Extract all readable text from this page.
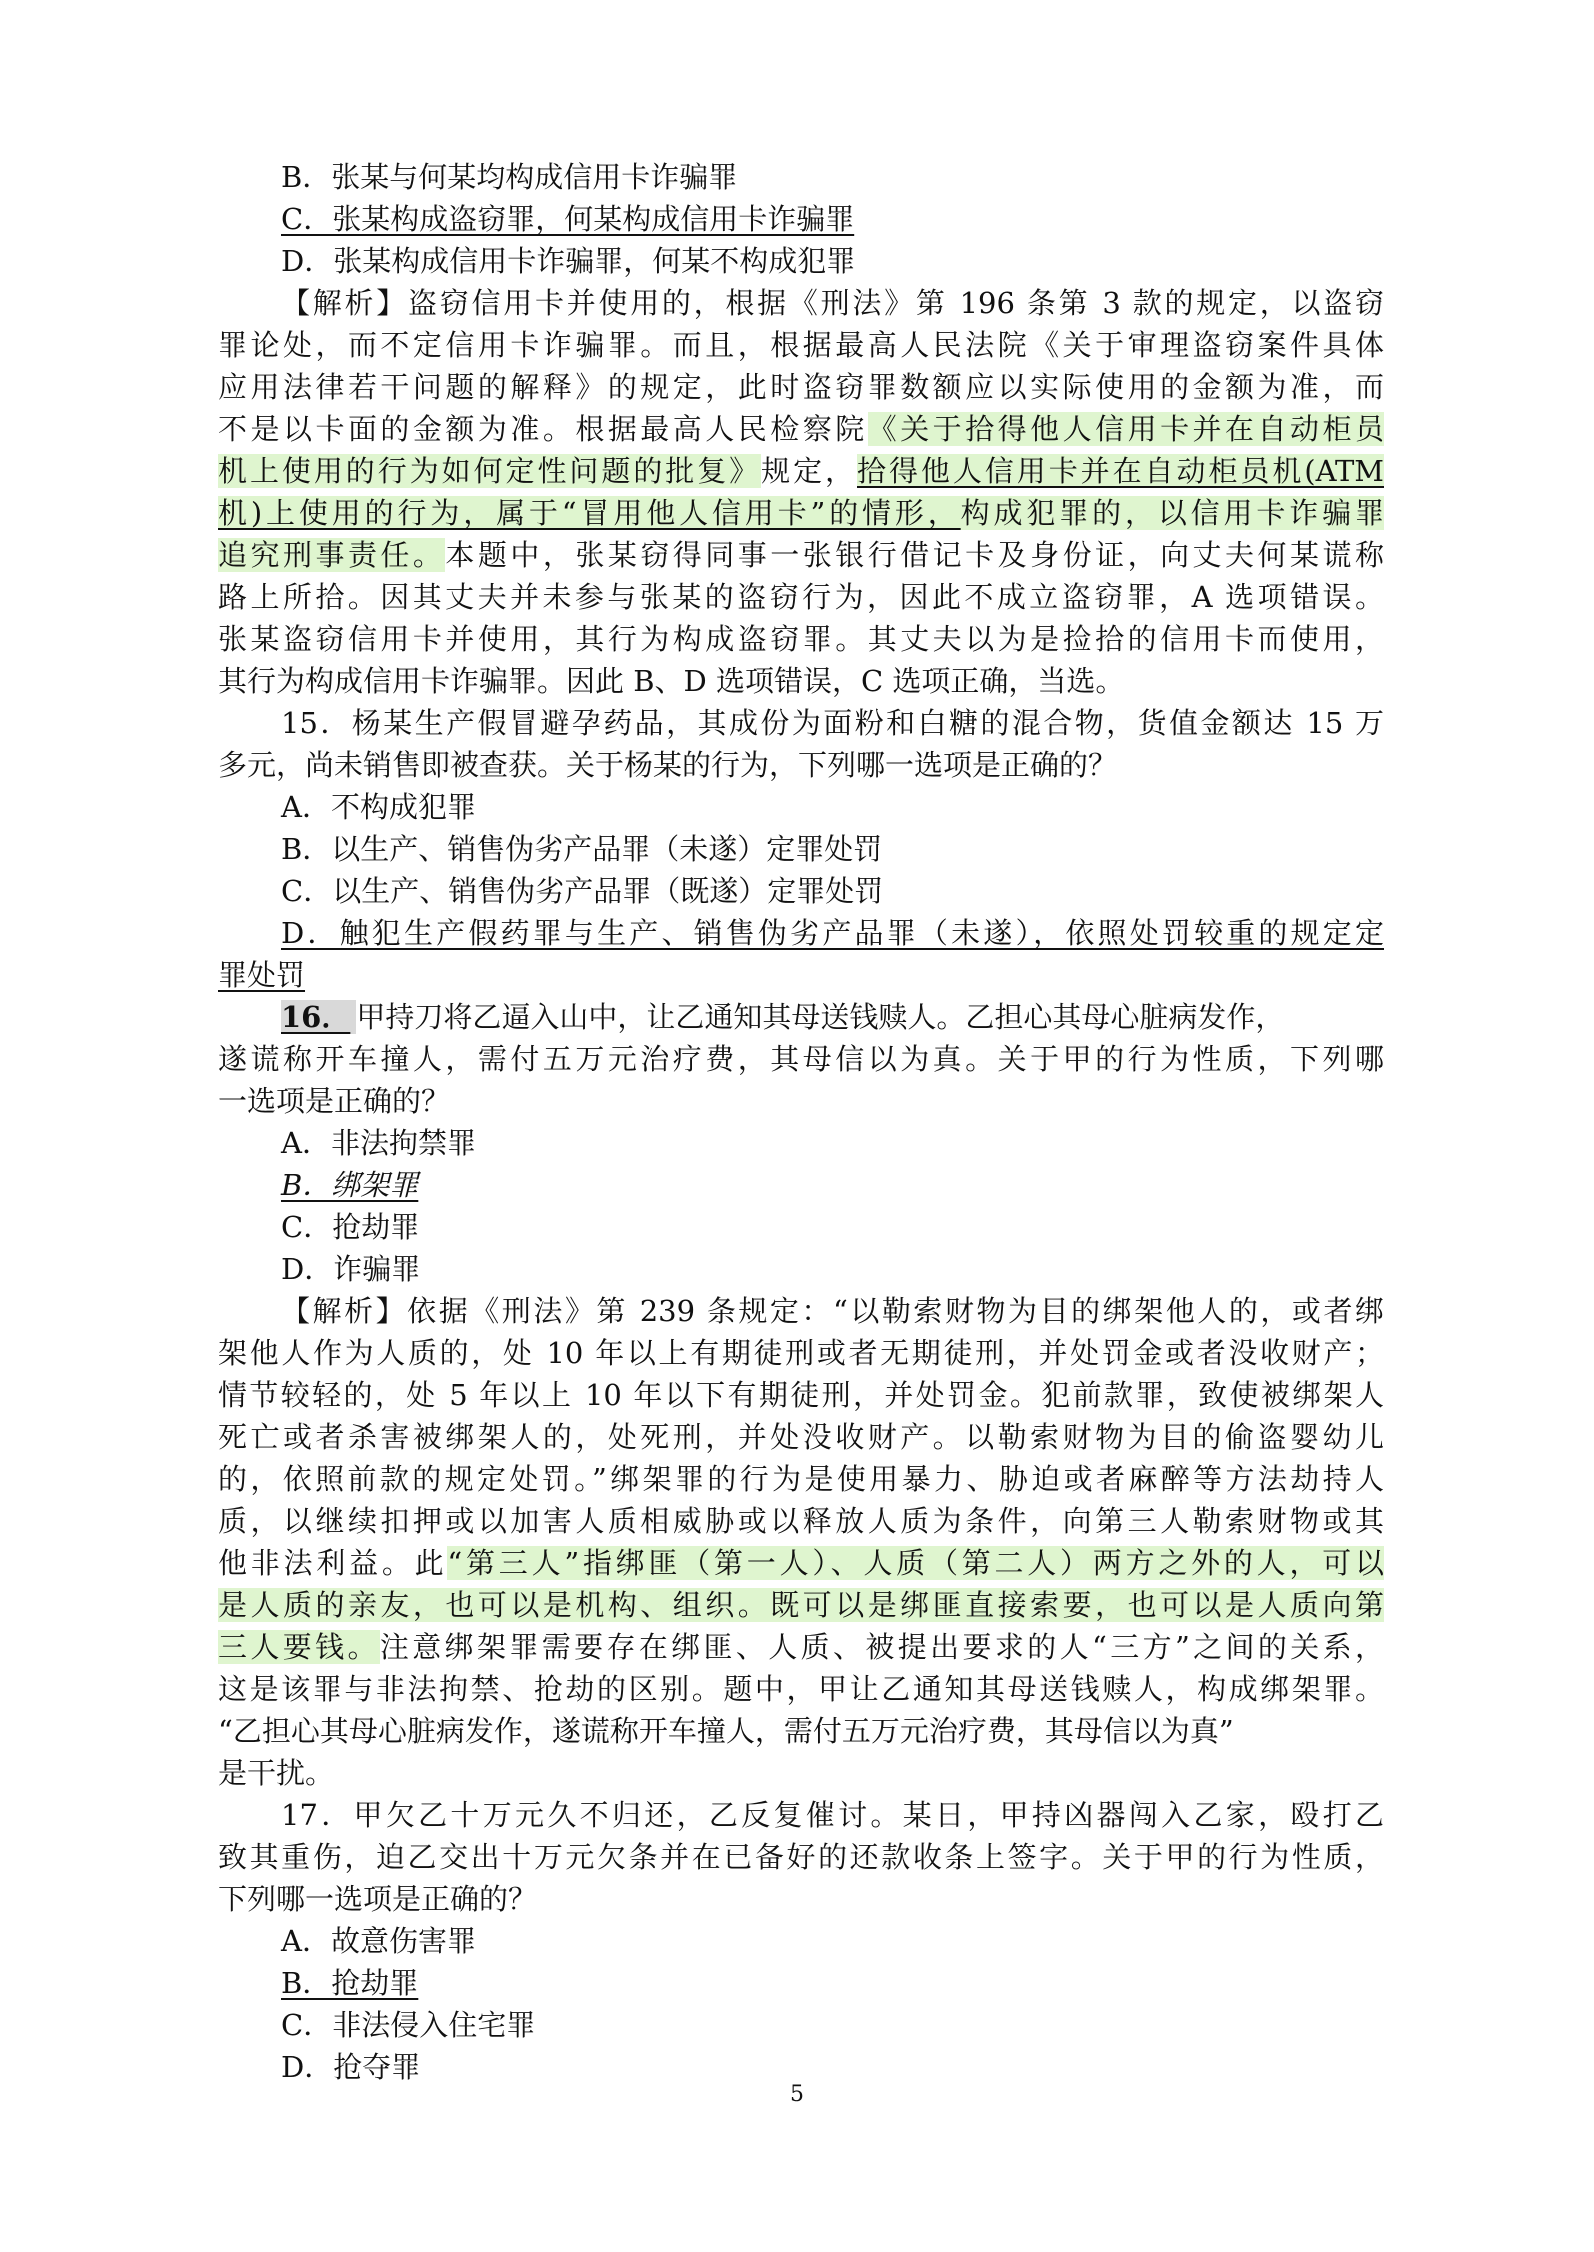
B．张某与何某均构成信用卡诈骗罪
C．张某构成盗窃罪，何某构成信用卡诈骗罪
D．张某构成信用卡诈骗罪，何某不构成犯罪
【解析】盗窃信用卡并使用的，根据《刑法》第 196 条第 3 款的规定，以盗窃
罪论处，而不定信用卡诈骗罪。而且，根据最高人民法院《关于审理盗窃案件具体
应用法律若干问题的解释》的规定，此时盗窃罪数额应以实际使用的金额为准，而
不是以卡面的金额为准。根据最高人民检察院《关于拾得他人信用卡并在自动柜员
机上使用的行为如何定性问题的批复》规定，拾得他人信用卡并在自动柜员机(ATM
机)上使用的行为，属于“冒用他人信用卡”的情形，构成犯罪的，以信用卡诈骗罪
追究刑事责任。本题中，张某窃得同事一张银行借记卡及身份证，向丈夫何某谎称
路上所拾。因其丈夫并未参与张某的盗窃行为，因此不成立盗窃罪，A 选项错误。
张某盗窃信用卡并使用，其行为构成盗窃罪。其丈夫以为是捡拾的信用卡而使用，
其行为构成信用卡诈骗罪。因此 B、D 选项错误，C 选项正确，当选。
15．杨某生产假冒避孕药品，其成份为面粉和白糖的混合物，货值金额达 15 万
多元，尚未销售即被查获。关于杨某的行为，下列哪一选项是正确的？
A．不构成犯罪
B．以生产、销售伪劣产品罪（未遂）定罪处罚
C．以生产、销售伪劣产品罪（既遂）定罪处罚
D．触犯生产假药罪与生产、销售伪劣产品罪（未遂），依照处罚较重的规定定
罪处罚
16． 甲持刀将乙逼入山中，让乙通知其母送钱赎人。乙担心其母心脏病发作，
遂谎称开车撞人，需付五万元治疗费，其母信以为真。关于甲的行为性质，下列哪
一选项是正确的？
A．非法拘禁罪
B．绑架罪
C．抢劫罪
D．诈骗罪
【解析】依据《刑法》第 239 条规定：“以勒索财物为目的绑架他人的，或者绑
架他人作为人质的，处 10 年以上有期徒刑或者无期徒刑，并处罚金或者没收财产；
情节较轻的，处 5 年以上 10 年以下有期徒刑，并处罚金。犯前款罪，致使被绑架人
死亡或者杀害被绑架人的，处死刑，并处没收财产。以勒索财物为目的偷盗婴幼儿
的，依照前款的规定处罚。”绑架罪的行为是使用暴力、胁迫或者麻醉等方法劫持人
质，以继续扣押或以加害人质相威胁或以释放人质为条件，向第三人勒索财物或其
他非法利益。此“第三人”指绑匪（第一人）、人质（第二人）两方之外的人，可以
是人质的亲友，也可以是机构、组织。既可以是绑匪直接索要，也可以是人质向第
三人要钱。注意绑架罪需要存在绑匪、人质、被提出要求的人“三方”之间的关系，
这是该罪与非法拘禁、抢劫的区别。题中，甲让乙通知其母送钱赎人，构成绑架罪。
“乙担心其母心脏病发作，遂谎称开车撞人，需付五万元治疗费，其母信以为真”
是干扰。
17．甲欠乙十万元久不归还，乙反复催讨。某日，甲持凶器闯入乙家，殴打乙
致其重伤，迫乙交出十万元欠条并在已备好的还款收条上签字。关于甲的行为性质，
下列哪一选项是正确的？
A．故意伤害罪
B．抢劫罪
C．非法侵入住宅罪
D．抢夺罪
5
